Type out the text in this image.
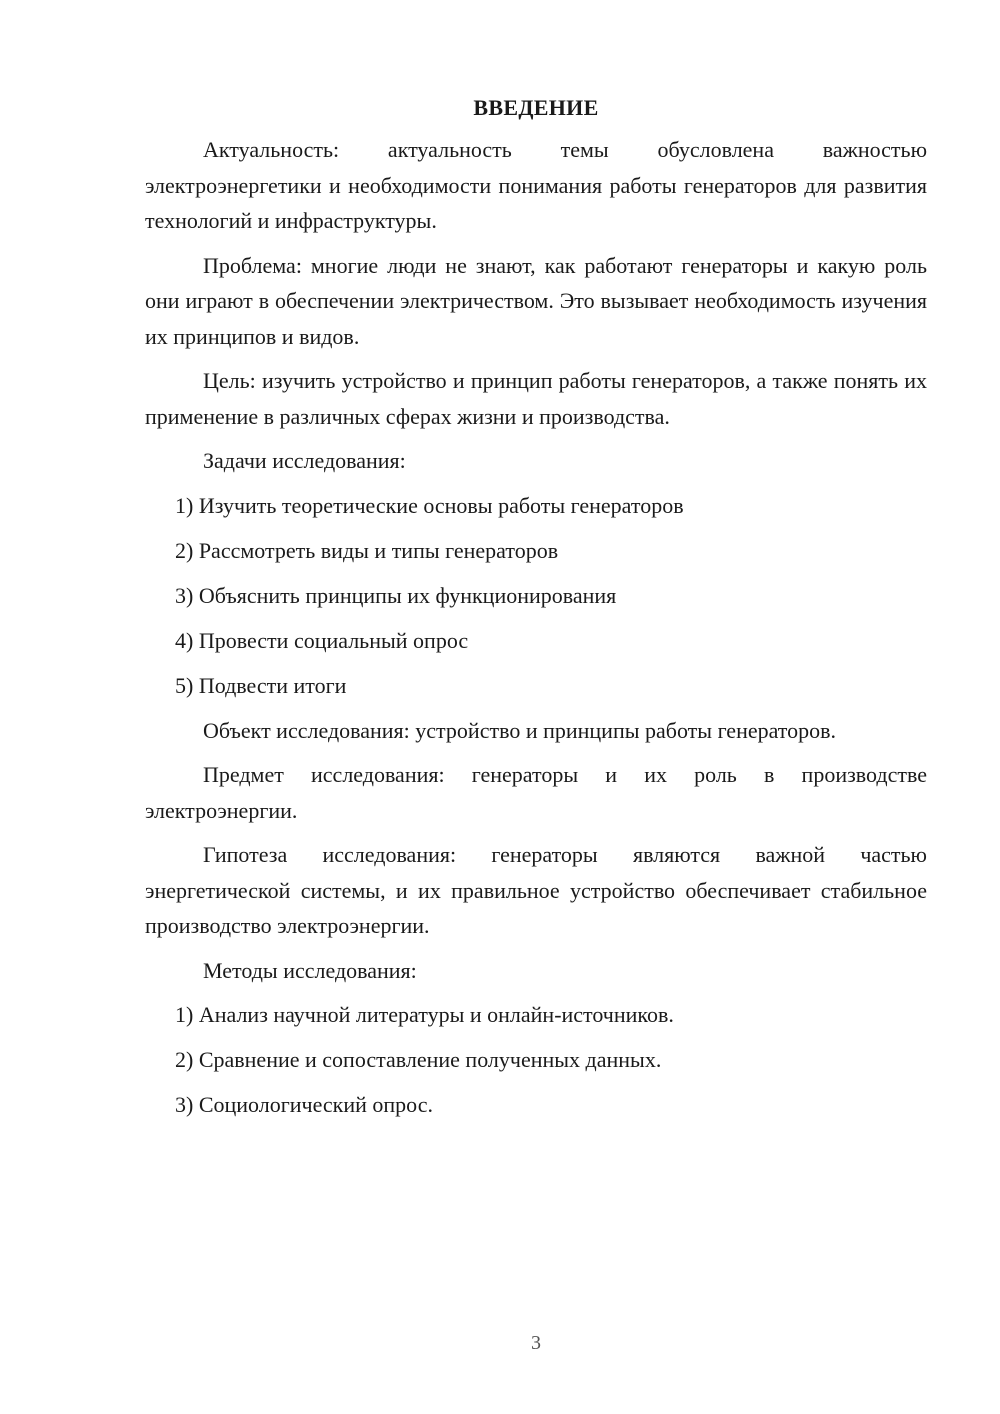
ВВЕДЕНИЕ

Актуальность: актуальность темы обусловлена важностью электроэнергетики и необходимости понимания работы генераторов для развития технологий и инфраструктуры.

Проблема: многие люди не знают, как работают генераторы и какую роль они играют в обеспечении электричеством. Это вызывает необходимость изучения их принципов и видов.

Цель: изучить устройство и принцип работы генераторов, а также понять их применение в различных сферах жизни и производства.

Задачи исследования:

1) Изучить теоретические основы работы генераторов
2) Рассмотреть виды и типы генераторов
3) Объяснить принципы их функционирования
4) Провести социальный опрос
5) Подвести итоги

Объект исследования: устройство и принципы работы генераторов.

Предмет исследования: генераторы и их роль в производстве электроэнергии.

Гипотеза исследования: генераторы являются важной частью энергетической системы, и их правильное устройство обеспечивает стабильное производство электроэнергии.

Методы исследования:

1) Анализ научной литературы и онлайн-источников.
2) Сравнение и сопоставление полученных данных.
3) Социологический опрос.
3
